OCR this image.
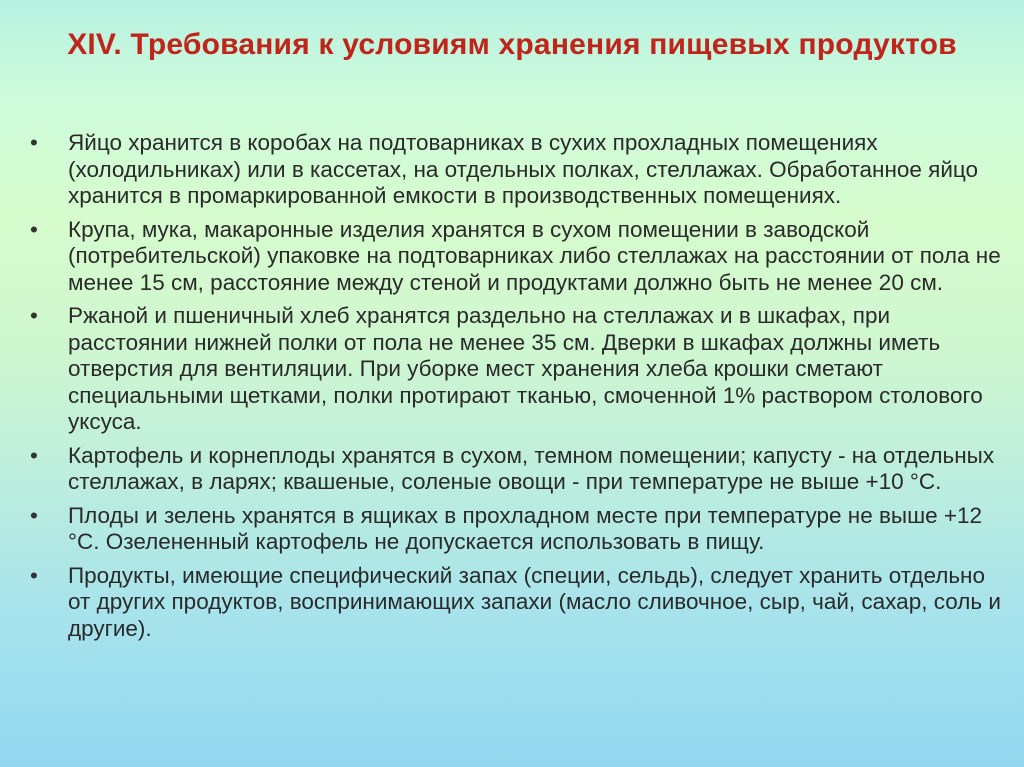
XIV. Требования к условиям хранения пищевых продуктов
•	Яйцо хранится в коробах на подтоварниках в сухих прохладных помещениях (холодильниках) или в кассетах, на отдельных полках, стеллажах. Обработанное яйцо хранится в промаркированной емкости в производственных помещениях.
•	Крупа, мука, макаронные изделия хранятся в сухом помещении в заводской (потребительской) упаковке на подтоварниках либо стеллажах на расстоянии от пола не менее 15 см, расстояние между стеной и продуктами должно быть не менее 20 см.
•	Ржаной и пшеничный хлеб хранятся раздельно на стеллажах и в шкафах, при расстоянии нижней полки от пола не менее 35 см. Дверки в шкафах должны иметь отверстия для вентиляции. При уборке мест хранения хлеба крошки сметают специальными щетками, полки протирают тканью, смоченной 1% раствором столового уксуса.
•	Картофель и корнеплоды хранятся в сухом, темном помещении; капусту - на отдельных стеллажах, в ларях; квашеные, соленые овощи - при температуре не выше +10 °С.
•	Плоды и зелень хранятся в ящиках в прохладном месте при температуре не выше +12 °С. Озелененный картофель не допускается использовать в пищу.
•	Продукты, имеющие специфический запах (специи, сельдь), следует хранить отдельно от других продуктов, воспринимающих запахи (масло сливочное, сыр, чай, сахар, соль и другие).
